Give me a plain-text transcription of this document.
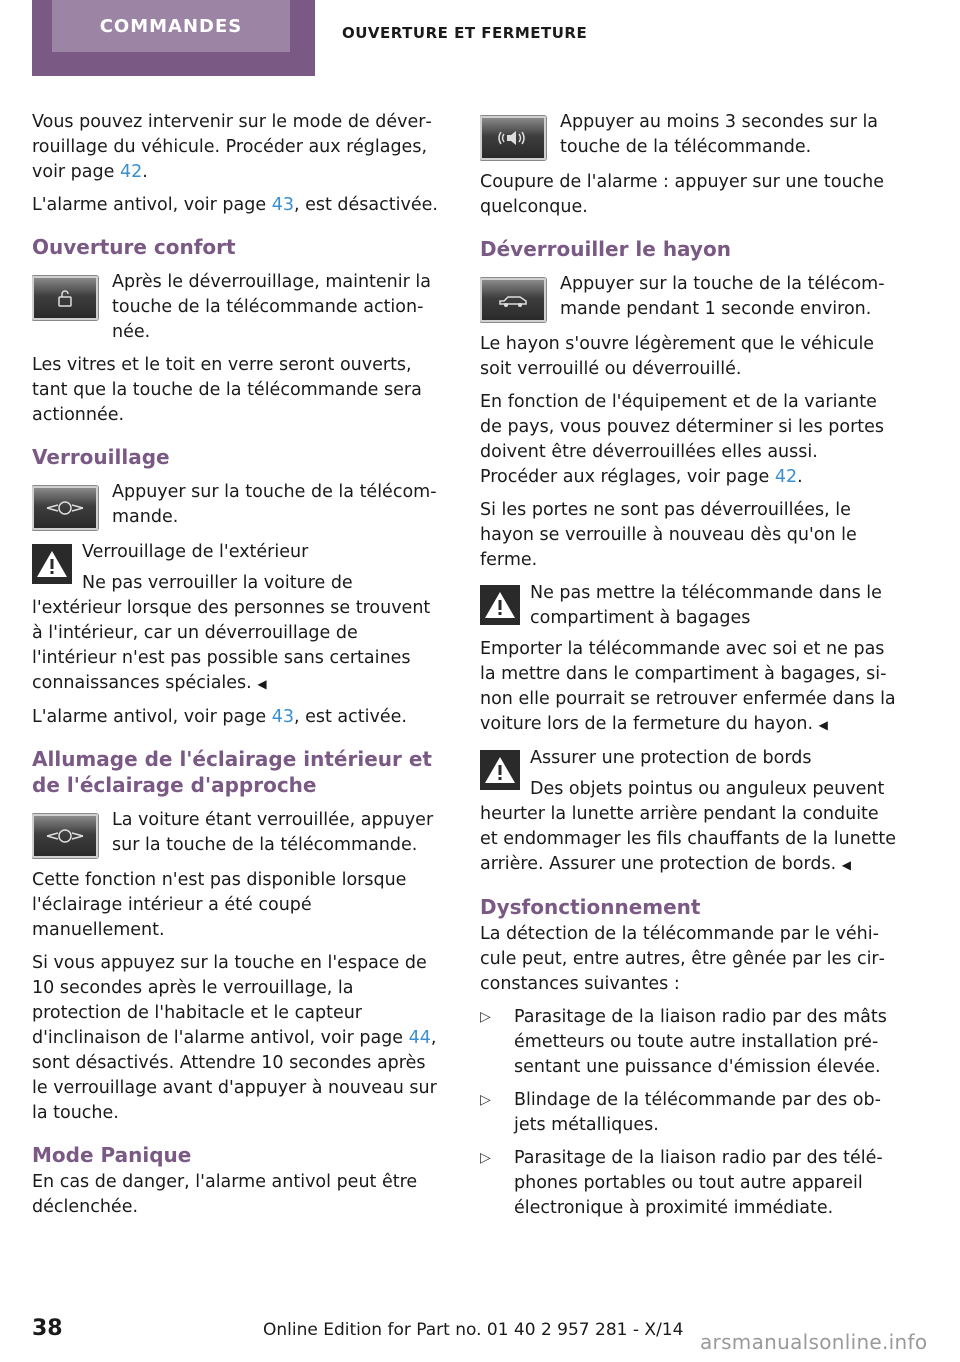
COMMANDES	OUVERTURE ET FERMETURE

Vous pouvez intervenir sur le mode de déverrouillage du véhicule. Procéder aux réglages, voir page 42.

L'alarme antivol, voir page 43, est désactivée.

Ouverture confort
Après le déverrouillage, maintenir la touche de la télécommande actionnée.

Les vitres et le toit en verre seront ouverts, tant que la touche de la télécommande sera actionnée.

Verrouillage
Appuyer sur la touche de la télécommande.
Verrouillage de l'extérieur
Ne pas verrouiller la voiture de l'extérieur lorsque des personnes se trouvent à l'intérieur, car un déverrouillage de l'intérieur n'est pas possible sans certaines connaissances spéciales. ◀

L'alarme antivol, voir page 43, est activée.

Allumage de l'éclairage intérieur et de l'éclairage d'approche
La voiture étant verrouillée, appuyer sur la touche de la télécommande.

Cette fonction n'est pas disponible lorsque l'éclairage intérieur a été coupé manuellement.

Si vous appuyez sur la touche en l'espace de 10 secondes après le verrouillage, la protection de l'habitacle et le capteur d'inclinaison de l'alarme antivol, voir page 44, sont désactivés. Attendre 10 secondes après le verrouillage avant d'appuyer à nouveau sur la touche.

Mode Panique

En cas de danger, l'alarme antivol peut être déclenchée.

Appuyer au moins 3 secondes sur la touche de la télécommande.

Coupure de l'alarme : appuyer sur une touche quelconque.

Déverrouiller le hayon
Appuyer sur la touche de la télécommande pendant 1 seconde environ.

Le hayon s'ouvre légèrement que le véhicule soit verrouillé ou déverrouillé.

En fonction de l'équipement et de la variante de pays, vous pouvez déterminer si les portes doivent être déverrouillées elles aussi. Procéder aux réglages, voir page 42.

Si les portes ne sont pas déverrouillées, le hayon se verrouille à nouveau dès qu'on le ferme.

Ne pas mettre la télécommande dans le compartiment à bagages
Emporter la télécommande avec soi et ne pas la mettre dans le compartiment à bagages, sinon elle pourrait se retrouver enfermée dans la voiture lors de la fermeture du hayon. ◀
Assurer une protection de bords
Des objets pointus ou anguleux peuvent heurter la lunette arrière pendant la conduite et endommager les fils chauffants de la lunette arrière. Assurer une protection de bords. ◀
Dysfonctionnement

La détection de la télécommande par le véhicule peut, entre autres, être gênée par les circonstances suivantes :

▷ Parasitage de la liaison radio par des mâts émetteurs ou toute autre installation présentant une puissance d'émission élevée.
▷ Blindage de la télécommande par des objets métalliques.
▷ Parasitage de la liaison radio par des téléphones portables ou tout autre appareil électronique à proximité immédiate.
38	Online Edition for Part no. 01 40 2 957 281 - X/14 arsmanualsonline.info
